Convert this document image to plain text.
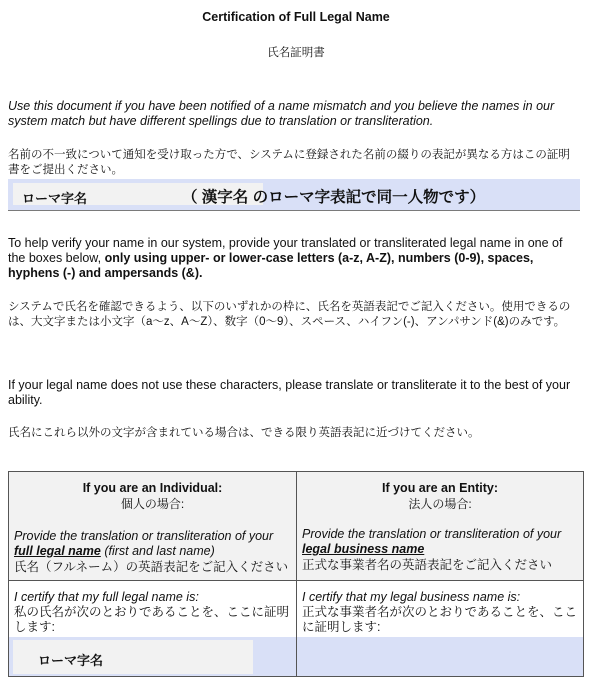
Certification of Full Legal Name
氏名証明書
Use this document if you have been notified of a name mismatch and you believe the names in our system match but have different spellings due to translation or transliteration.
名前の不一致について通知を受け取った方で、システムに登録された名前の綴りの表記が異なる方はこの証明書をご提出ください。
ローマ字名	（ 漢字名 のローマ字表記で同一人物です）
To help verify your name in our system, provide your translated or transliterated legal name in one of the boxes below, only using upper- or lower-case letters (a-z, A-Z), numbers (0-9), spaces, hyphens (-) and ampersands (&).
システムで氏名を確認できるよう、以下のいずれかの枠に、氏名を英語表記でご記入ください。使用できるのは、大文字または小文字（a～z、A～Z）、数字（0～9）、スペース、ハイフン(-)、アンパサンド(&)のみです。
If your legal name does not use these characters, please translate or transliterate it to the best of your ability.
氏名にこれら以外の文字が含まれている場合は、できる限り英語表記に近づけてください。
ローマ字名
If you are an Individual:
個人の場合:
Provide the translation or transliteration of your full legal name (first and last name)
氏名（フルネーム）の英語表記をご記入ください
I certify that my full legal name is:
私の氏名が次のとおりであることを、ここに証明します:
If you are an Entity:
法人の場合:
Provide the translation or transliteration of your legal business name
正式な事業者名の英語表記をご記入ください
I certify that my legal business name is:
正式な事業者名が次のとおりであることを、ここに証明します:
